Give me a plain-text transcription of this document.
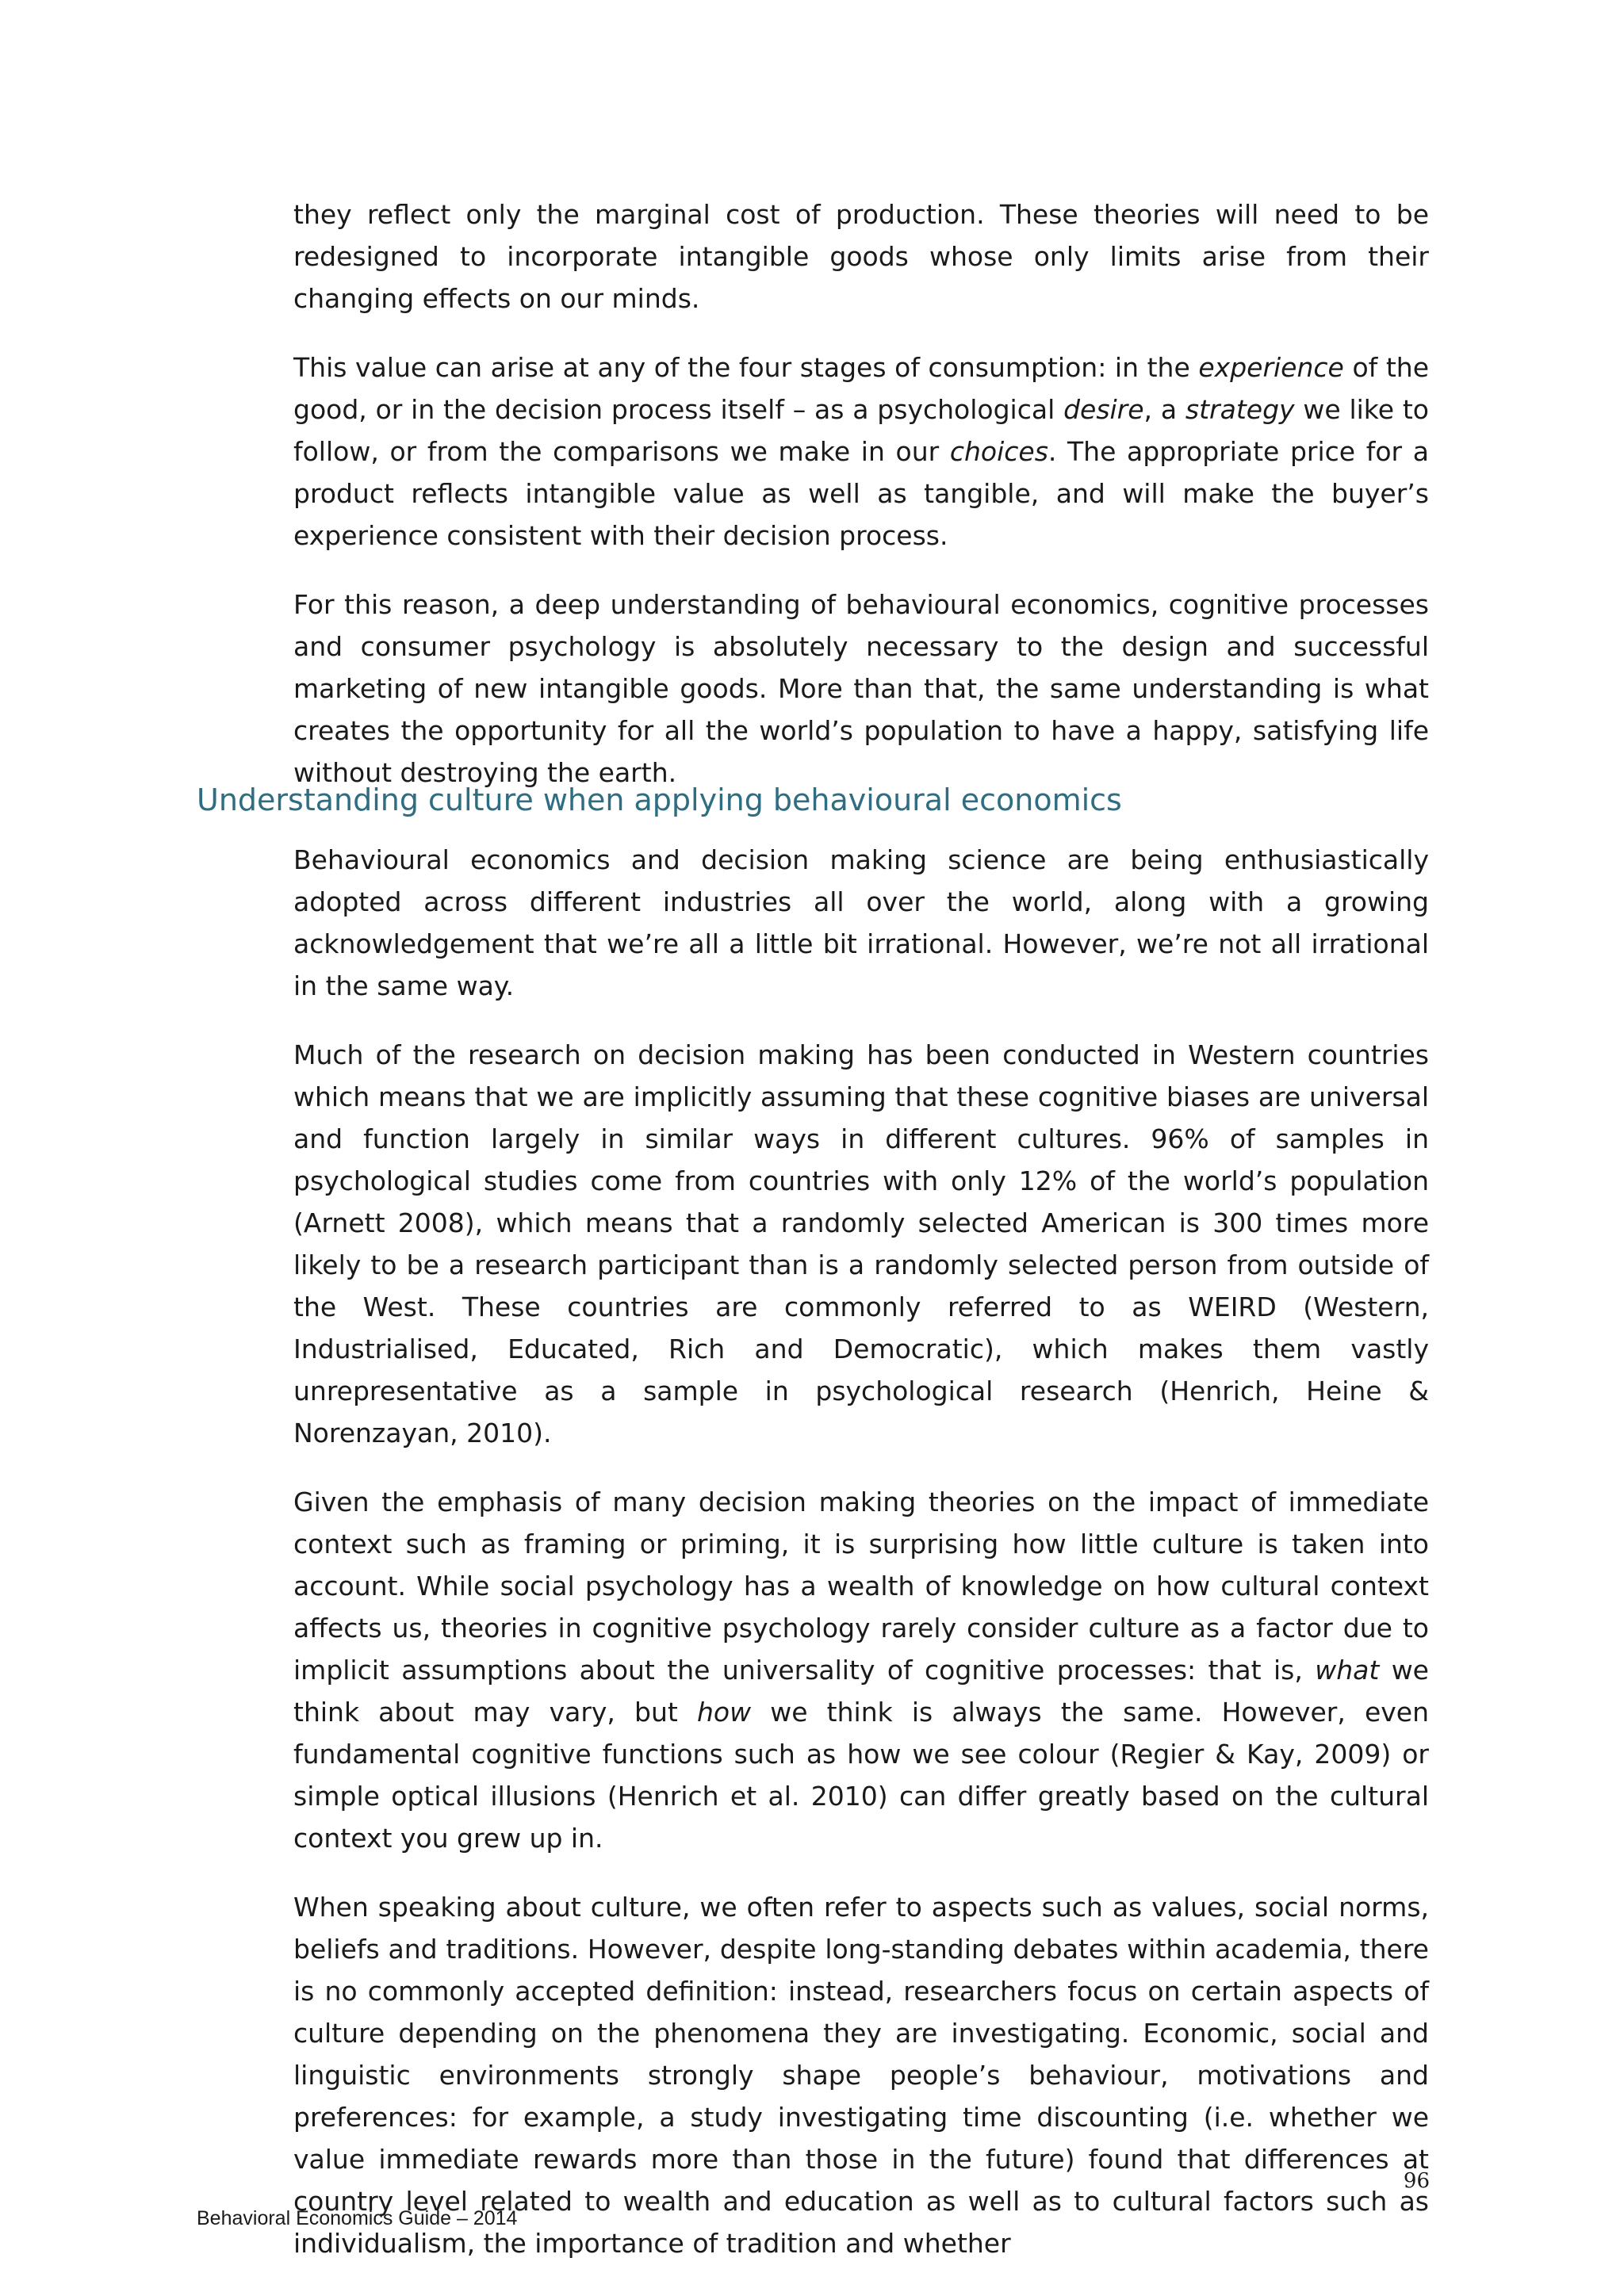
they reflect only the marginal cost of production. These theories will need to be redesigned to incorporate intangible goods whose only limits arise from their changing effects on our minds.

This value can arise at any of the four stages of consumption: in the experience of the good, or in the decision process itself – as a psychological desire, a strategy we like to follow, or from the comparisons we make in our choices. The appropriate price for a product reflects intangible value as well as tangible, and will make the buyer’s experience consistent with their decision process.

For this reason, a deep understanding of behavioural economics, cognitive processes and consumer psychology is absolutely necessary to the design and successful marketing of new intangible goods. More than that, the same understanding is what creates the opportunity for all the world’s population to have a happy, satisfying life without destroying the earth.

Understanding culture when applying behavioural economics

Behavioural economics and decision making science are being enthusiastically adopted across different industries all over the world, along with a growing acknowledgement that we’re all a little bit irrational. However, we’re not all irrational in the same way.

Much of the research on decision making has been conducted in Western countries which means that we are implicitly assuming that these cognitive biases are universal and function largely in similar ways in different cultures. 96% of samples in psychological studies come from countries with only 12% of the world’s population (Arnett 2008), which means that a randomly selected American is 300 times more likely to be a research participant than is a randomly selected person from outside of the West. These countries are commonly referred to as WEIRD (Western, Industrialised, Educated, Rich and Democratic), which makes them vastly unrepresentative as a sample in psychological research (Henrich, Heine & Norenzayan, 2010).

Given the emphasis of many decision making theories on the impact of immediate context such as framing or priming, it is surprising how little culture is taken into account. While social psychology has a wealth of knowledge on how cultural context affects us, theories in cognitive psychology rarely consider culture as a factor due to implicit assumptions about the universality of cognitive processes: that is, what we think about may vary, but how we think is always the same. However, even fundamental cognitive functions such as how we see colour (Regier & Kay, 2009) or simple optical illusions (Henrich et al. 2010) can differ greatly based on the cultural context you grew up in.

When speaking about culture, we often refer to aspects such as values, social norms, beliefs and traditions. However, despite long-standing debates within academia, there is no commonly accepted definition: instead, researchers focus on certain aspects of culture depending on the phenomena they are investigating. Economic, social and linguistic environments strongly shape people’s behaviour, motivations and preferences: for example, a study investigating time discounting (i.e. whether we value immediate rewards more than those in the future) found that differences at country level related to wealth and education as well as to cultural factors such as individualism, the importance of tradition and whether

96
Behavioral Economics Guide – 2014
